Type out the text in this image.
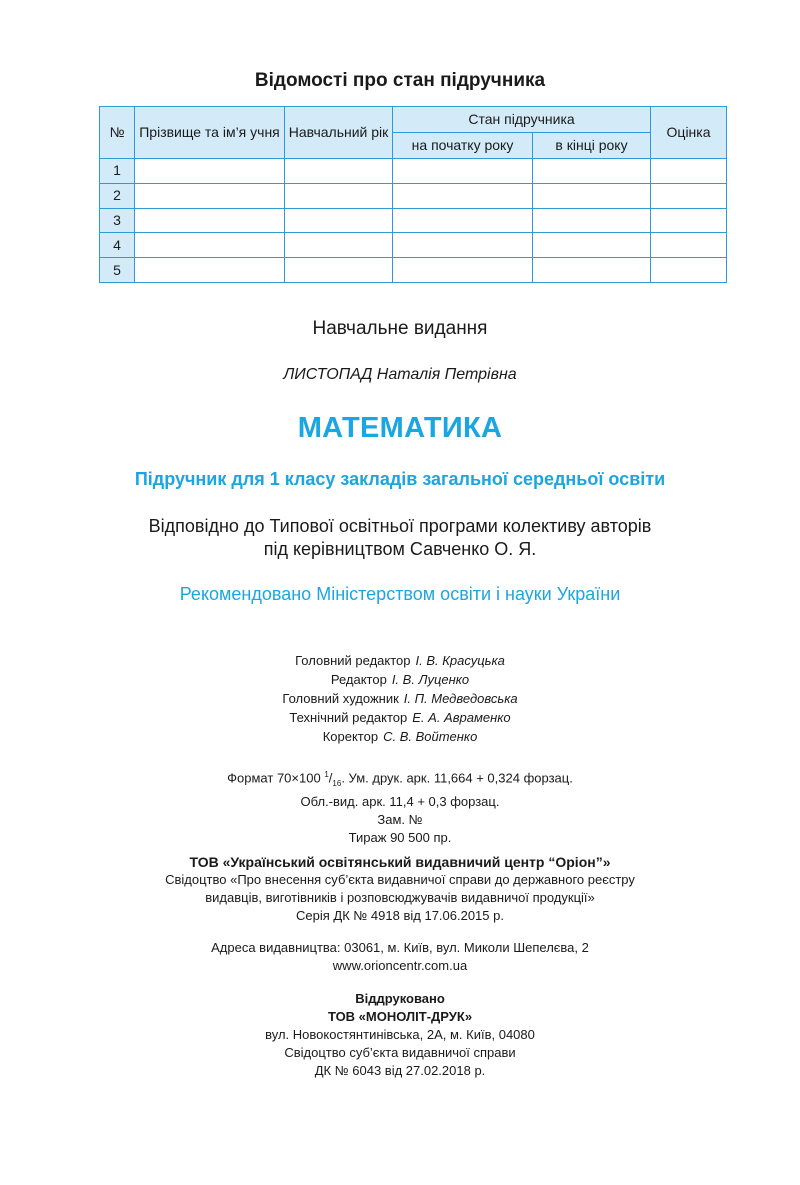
Відомості про стан підручника
№	Прізвище та ім’я учня	Навчальний рік	Стан підручника		Оцінка
			на початку року	в кінці року	
1					
2					
3					
4					
5					
Навчальне видання
ЛИСТОПАД Наталія Петрівна
МАТЕМАТИКА
Підручник для 1 класу закладів загальної середньої освіти
Відповідно до Типової освітньої програми колективу авторів
під керівництвом Савченко О. Я.
Рекомендовано Міністерством освіти і науки України
Головний редактор І. В. Красуцька
Редактор І. В. Луценко
Головний художник І. П. Медведовська
Технічний редактор Е. А. Авраменко
Коректор С. В. Войтенко
Формат 70×100 $^1/_{16}$. Ум. друк. арк. 11,664 + 0,324 форзац.
Обл.-вид. арк. 11,4 + 0,3 форзац.
Зам. №
Тираж 90 500 пр.
ТОВ «Український освітянський видавничий центр “Оріон”»
Свідоцтво «Про внесення суб’єкта видавничої справи до державного реєстру
видавців, виготівників і розповсюджувачів видавничої продукції»
Серія ДК № 4918 від 17.06.2015 р.
Адреса видавництва: 03061, м. Київ, вул. Миколи Шепелєва, 2
www.orioncentr.com.ua
Віддруковано
ТОВ «МОНОЛІТ-ДРУК»
вул. Новокостянтинівська, 2А, м. Київ, 04080
Свідоцтво суб’єкта видавничої справи
ДК № 6043 від 27.02.2018 р.
